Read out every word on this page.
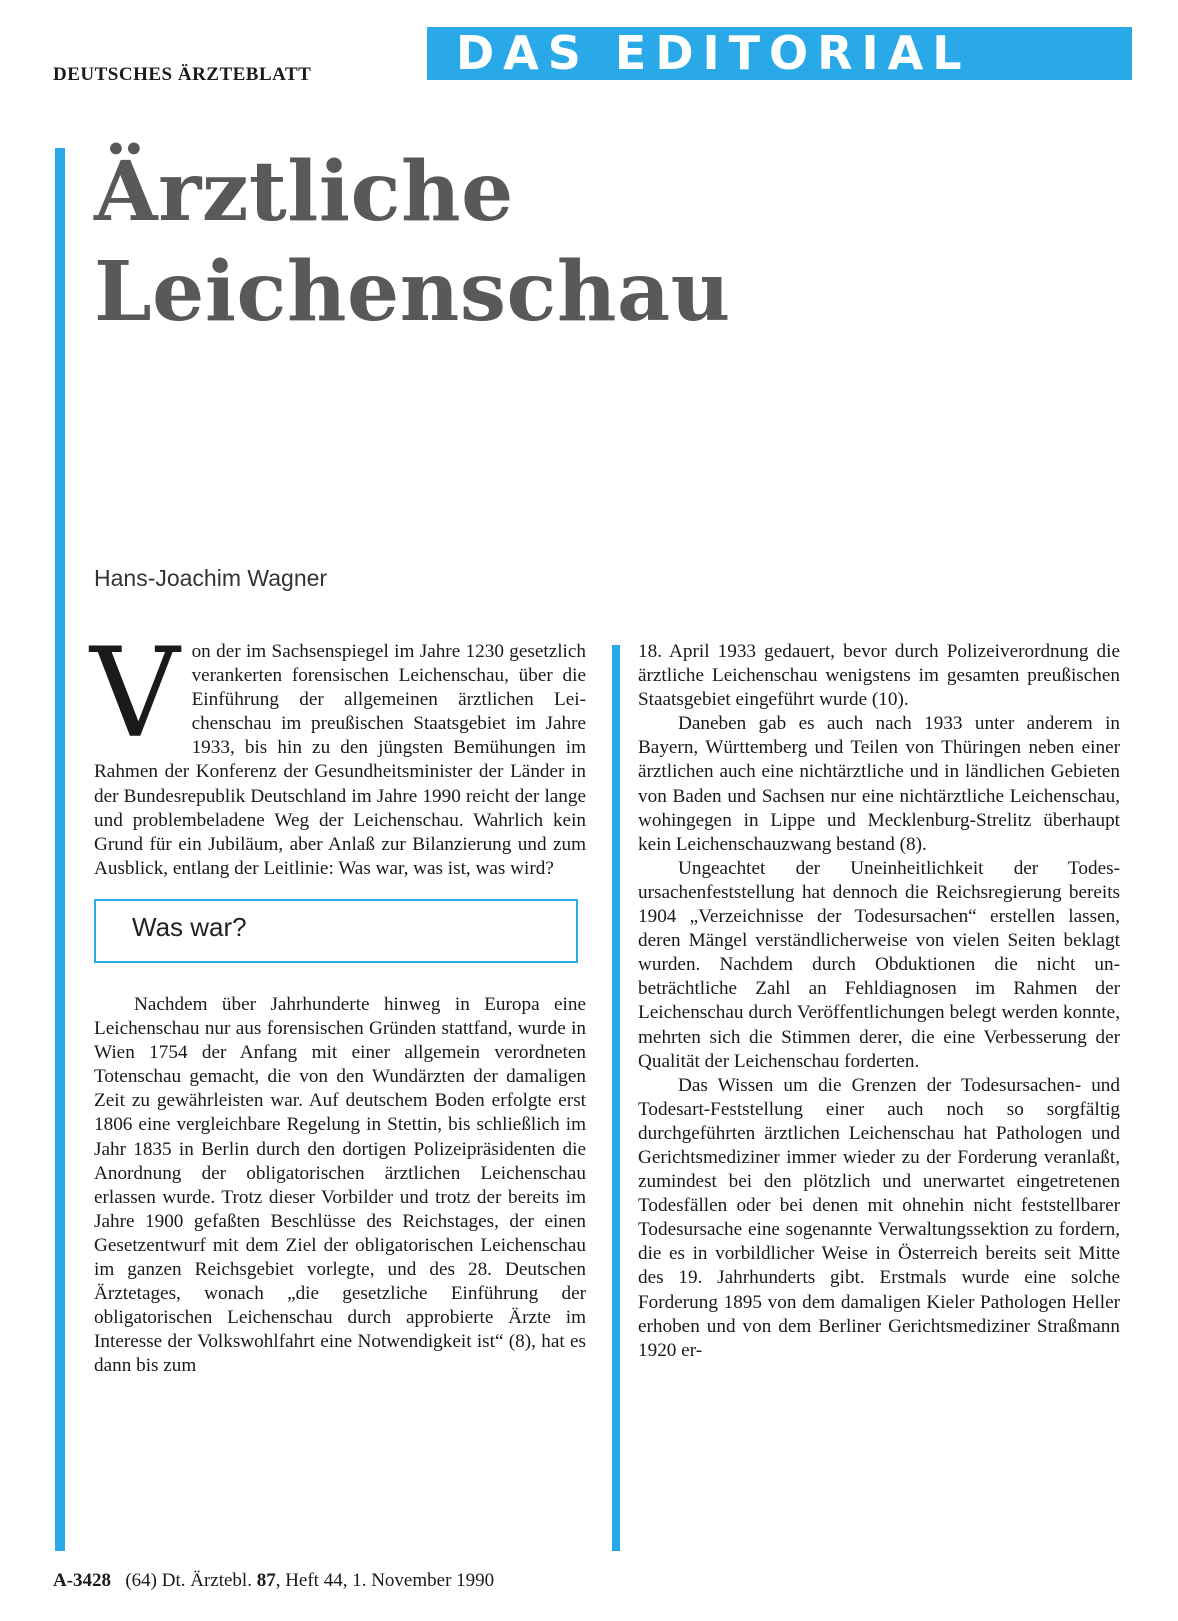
DEUTSCHES ÄRZTEBLATT	DAS EDITORIAL
Ärztliche
Leichenschau
Hans-Joachim Wagner

Von der im Sachsenspiegel im Jahre 1230 gesetzlich verankerten forensischen Leichenschau, über die Einführung der allgemeinen ärztlichen Leichenschau im preußischen Staatsgebiet im Jahre 1933, bis hin zu den jüngsten Bemühungen im Rahmen der Konferenz der Gesundheitsminister der Länder in der Bundesrepublik Deutschland im Jahre 1990 reicht der lange und problembeladene Weg der Leichenschau. Wahrlich kein Grund für ein Jubiläum, aber Anlaß zur Bilanzierung und zum Ausblick, entlang der Leitlinie: Was war, was ist, was wird?

Was war?

Nachdem über Jahrhunderte hinweg in Europa eine Leichenschau nur aus forensischen Gründen stattfand, wurde in Wien 1754 der Anfang mit einer allgemein verordneten Totenschau gemacht, die von den Wundärzten der damaligen Zeit zu gewährleisten war. Auf deutschem Boden erfolgte erst 1806 eine vergleichbare Regelung in Stettin, bis schließlich im Jahr 1835 in Berlin durch den dortigen Polizeipräsidenten die Anordnung der obligatorischen ärztlichen Leichenschau erlassen wurde. Trotz dieser Vorbilder und trotz der bereits im Jahre 1900 gefaßten Beschlüsse des Reichstages, der einen Gesetzentwurf mit dem Ziel der obligatorischen Leichenschau im ganzen Reichsgebiet vorlegte, und des 28. Deutschen Ärztetages, wonach „die gesetzliche Einführung der obligatorischen Leichenschau durch approbierte Ärzte im Interesse der Volkswohlfahrt eine Notwendigkeit ist“ (8), hat es dann bis zum

18. April 1933 gedauert, bevor durch Polizeiverordnung die ärztliche Leichenschau wenigstens im gesamten preußischen Staatsgebiet eingeführt wurde (10).

Daneben gab es auch nach 1933 unter anderem in Bayern, Württemberg und Teilen von Thüringen neben einer ärztlichen auch eine nichtärztliche und in ländlichen Gebieten von Baden und Sachsen nur eine nichtärztliche Leichenschau, wohingegen in Lippe und Mecklenburg-Strelitz überhaupt kein Leichenschauzwang bestand (8).

Ungeachtet der Uneinheitlichkeit der Todesursachenfeststellung hat dennoch die Reichsregierung bereits 1904 „Verzeichnisse der Todesursachen“ erstellen lassen, deren Mängel verständlicherweise von vielen Seiten beklagt wurden. Nachdem durch Obduktionen die nicht unbeträchtliche Zahl an Fehldiagnosen im Rahmen der Leichenschau durch Veröffentlichungen belegt werden konnte, mehrten sich die Stimmen derer, die eine Verbesserung der Qualität der Leichenschau forderten.

Das Wissen um die Grenzen der Todesursachen- und Todesart-Feststellung einer auch noch so sorgfältig durchgeführten ärztlichen Leichenschau hat Pathologen und Gerichtsmediziner immer wieder zu der Forderung veranlaßt, zumindest bei den plötzlich und unerwartet eingetretenen Todesfällen oder bei denen mit ohnehin nicht feststellbarer Todesursache eine sogenannte Verwaltungssektion zu fordern, die es in vorbildlicher Weise in Österreich bereits seit Mitte des 19. Jahrhunderts gibt. Erstmals wurde eine solche Forderung 1895 von dem damaligen Kieler Pathologen Heller erhoben und von dem Berliner Gerichtsmediziner Straßmann 1920 er-

A-3428 (64) Dt. Ärztebl. 87, Heft 44, 1. November 1990
